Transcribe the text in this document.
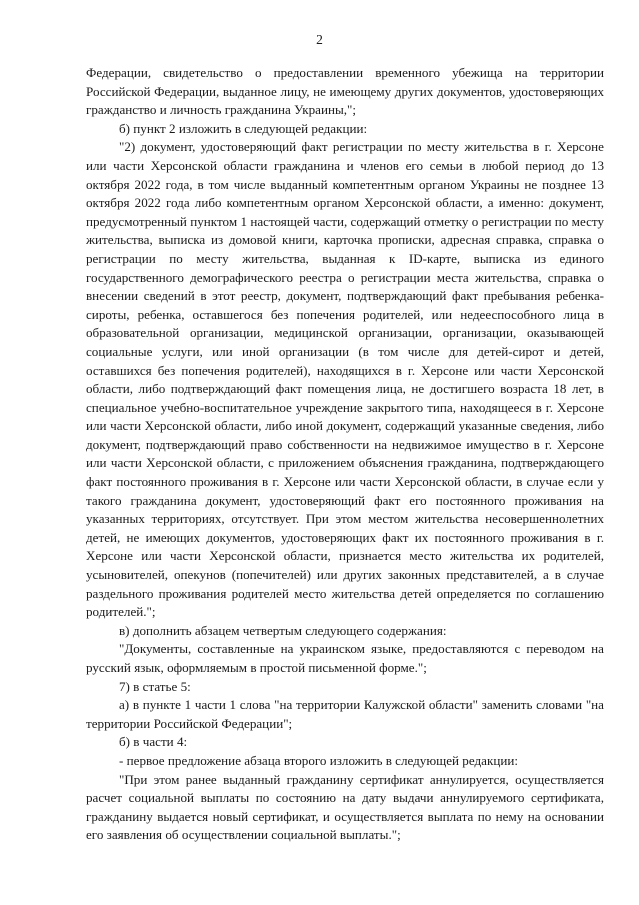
2

Федерации, свидетельство о предоставлении временного убежища на территории Российской Федерации, выданное лицу, не имеющему других документов, удостоверяющих гражданство и личность гражданина Украины,";

б) пункт 2 изложить в следующей редакции:

"2) документ, удостоверяющий факт регистрации по месту жительства в г. Херсоне или части Херсонской области гражданина и членов его семьи в любой период до 13 октября 2022 года, в том числе выданный компетентным органом Украины не позднее 13 октября 2022 года либо компетентным органом Херсонской области, а именно: документ, предусмотренный пунктом 1 настоящей части, содержащий отметку о регистрации по месту жительства, выписка из домовой книги, карточка прописки, адресная справка, справка о регистрации по месту жительства, выданная к ID-карте, выписка из единого государственного демографического реестра о регистрации места жительства, справка о внесении сведений в этот реестр, документ, подтверждающий факт пребывания ребенка-сироты, ребенка, оставшегося без попечения родителей, или недееспособного лица в образовательной организации, медицинской организации, организации, оказывающей социальные услуги, или иной организации (в том числе для детей-сирот и детей, оставшихся без попечения родителей), находящихся в г. Херсоне или части Херсонской области, либо подтверждающий факт помещения лица, не достигшего возраста 18 лет, в специальное учебно-воспитательное учреждение закрытого типа, находящееся в г. Херсоне или части Херсонской области, либо иной документ, содержащий указанные сведения, либо документ, подтверждающий право собственности на недвижимое имущество в г. Херсоне или части Херсонской области, с приложением объяснения гражданина, подтверждающего факт постоянного проживания в г. Херсоне или части Херсонской области, в случае если у такого гражданина документ, удостоверяющий факт его постоянного проживания на указанных территориях, отсутствует. При этом местом жительства несовершеннолетних детей, не имеющих документов, удостоверяющих факт их постоянного проживания в г. Херсоне или части Херсонской области, признается место жительства их родителей, усыновителей, опекунов (попечителей) или других законных представителей, а в случае раздельного проживания родителей место жительства детей определяется по соглашению родителей.";

в) дополнить абзацем четвертым следующего содержания:

"Документы, составленные на украинском языке, предоставляются с переводом на русский язык, оформляемым в простой письменной форме.";

7) в статье 5:

а) в пункте 1 части 1 слова "на территории Калужской области" заменить словами "на территории Российской Федерации";

б) в части 4:

- первое предложение абзаца второго изложить в следующей редакции:

"При этом ранее выданный гражданину сертификат аннулируется, осуществляется расчет социальной выплаты по состоянию на дату выдачи аннулируемого сертификата, гражданину выдается новый сертификат, и осуществляется выплата по нему на основании его заявления об осуществлении социальной выплаты.";
